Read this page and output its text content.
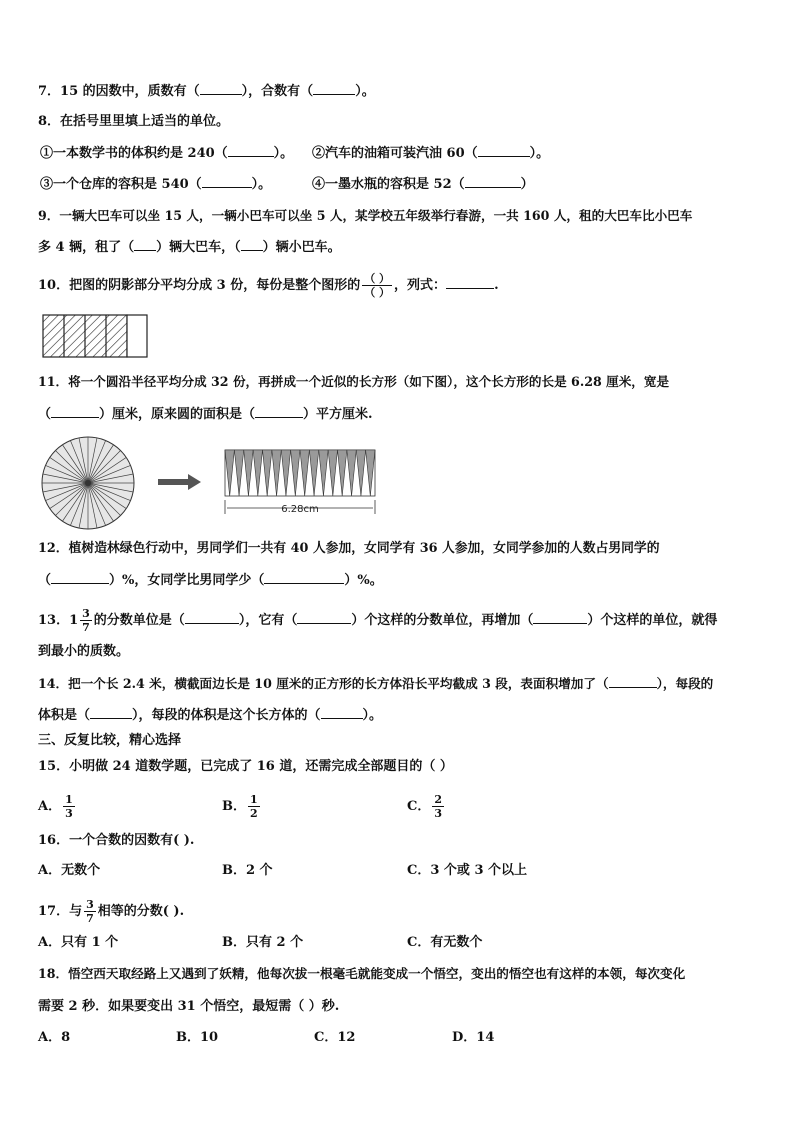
7．15 的因数中，质数有（	），合数有（	）。
8．在括号里里填上适当的单位。
①一本数学书的体积约是 240（	）。 ②汽车的油箱可装汽油 60（	）。
③一个仓库的容积是 540（	）。	④一墨水瓶的容积是 52（	）
9．一辆大巴车可以坐 15 人，一辆小巴车可以坐 5 人，某学校五年级举行春游，一共 160 人，租的大巴车比小巴车
多 4 辆，租了（ ）辆大巴车，（ ）辆小巴车。
10．把图的阴影部分平均分成 3 份，每份是整个图形的 $\frac{( )}{( )}$ ，列式：	.
11．将一个圆沿半径平均分成 32 份，再拼成一个近似的长方形（如下图），这个长方形的长是 6.28 厘米，宽是
（	）厘米，原来圆的面积是（	）平方厘米.
6.28cm
12．植树造林绿色行动中，男同学们一共有 40 人参加，女同学有 36 人参加，女同学参加的人数占男同学的
（	）%，女同学比男同学少（	）%。
13．$1 \frac{3}{7}$ 的分数单位是（	），它有（	）个这样的分数单位，再增加（	）个这样的单位，就得
到最小的质数。
14．把一个长 2.4 米，横截面边长是 10 厘米的正方形的长方体沿长平均截成 3 段，表面积增加了（	），每段的
体积是（	），每段的体积是这个长方体的（	）。
三、反复比较，精心选择
15．小明做 24 道数学题，已完成了 16 道，还需完成全部题目的（ ）
A． $\frac{1}{3}$	B． $\frac{1}{2}$	C． $\frac{2}{3}$
16．一个合数的因数有( ).
A．无数个	B．2 个	C．3 个或 3 个以上
17．与 $\frac{3}{7}$ 相等的分数( ).
A．只有 1 个	B．只有 2 个	C．有无数个
18．悟空西天取经路上又遇到了妖精，他每次拔一根毫毛就能变成一个悟空，变出的悟空也有这样的本领，每次变化
需要 2 秒．如果要变出 31 个悟空，最短需（ ）秒.
A．8	B．10	C．12	D．14
